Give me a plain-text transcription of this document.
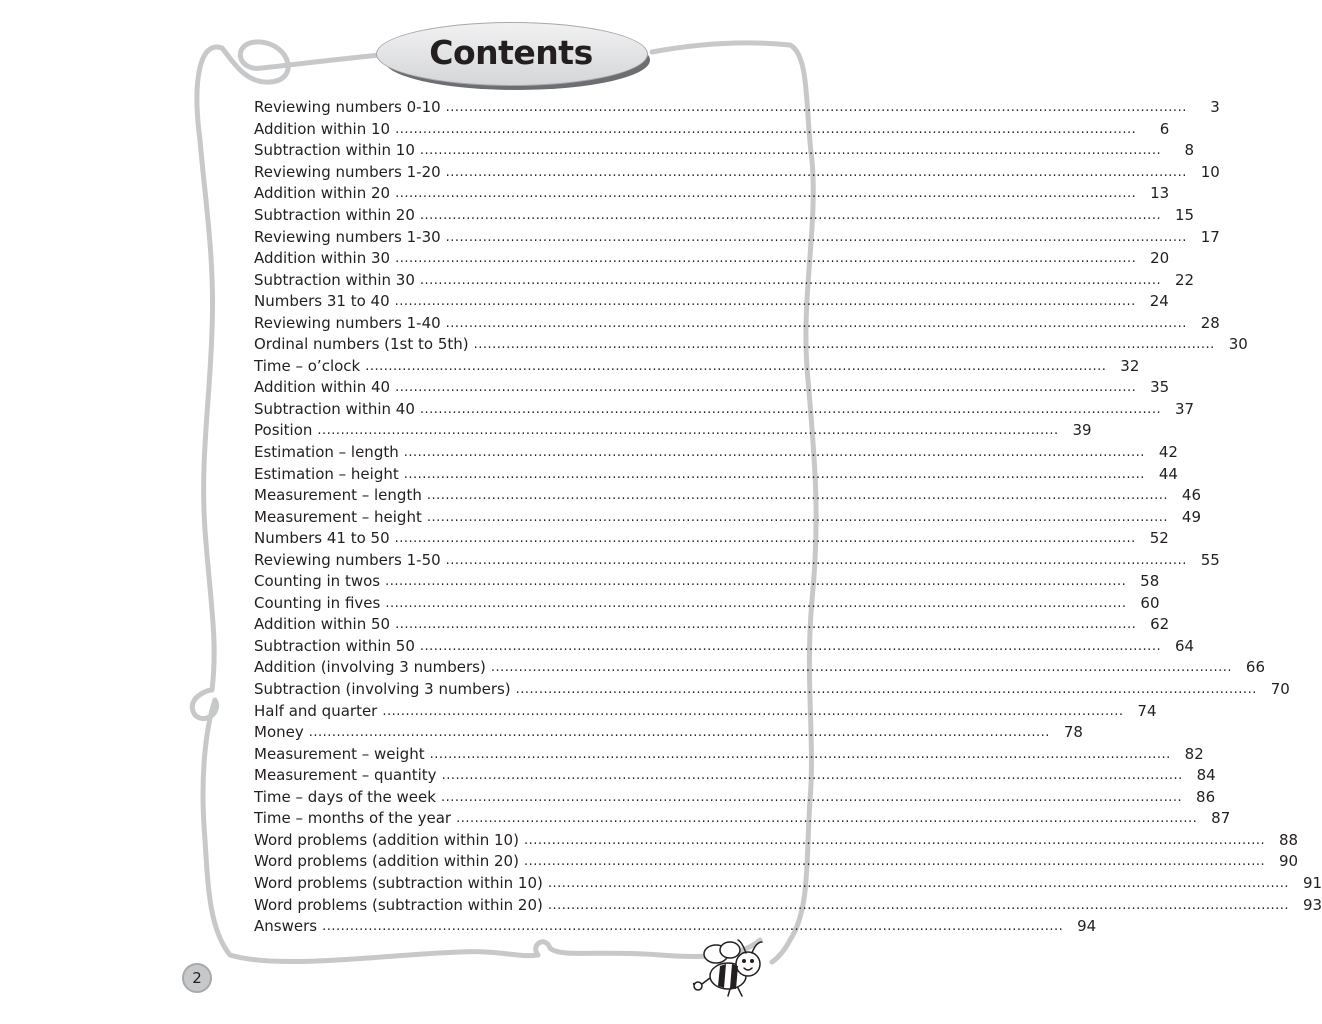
Contents
Reviewing numbers 0-10 ................................................................................................................................................................	3
Addition within 10 ................................................................................................................................................................	6
Subtraction within 10 ................................................................................................................................................................	8
Reviewing numbers 1-20 ................................................................................................................................................................ 10
Addition within 20 ................................................................................................................................................................ 13
Subtraction within 20 ................................................................................................................................................................ 15
Reviewing numbers 1-30 ................................................................................................................................................................ 17
Addition within 30 ................................................................................................................................................................ 20
Subtraction within 30 ................................................................................................................................................................ 22
Numbers 31 to 40 ................................................................................................................................................................ 24
Reviewing numbers 1-40 ................................................................................................................................................................ 28
Ordinal numbers (1st to 5th) ................................................................................................................................................................ 30
Time – o’clock ................................................................................................................................................................ 32
Addition within 40 ................................................................................................................................................................ 35
Subtraction within 40 ................................................................................................................................................................ 37
Position ................................................................................................................................................................ 39
Estimation – length ................................................................................................................................................................ 42
Estimation – height ................................................................................................................................................................ 44
Measurement – length ................................................................................................................................................................ 46
Measurement – height ................................................................................................................................................................ 49
Numbers 41 to 50 ................................................................................................................................................................ 52
Reviewing numbers 1-50 ................................................................................................................................................................ 55
Counting in twos ................................................................................................................................................................ 58
Counting in fives ................................................................................................................................................................ 60
Addition within 50 ................................................................................................................................................................ 62
Subtraction within 50 ................................................................................................................................................................ 64
Addition (involving 3 numbers) ................................................................................................................................................................ 66
Subtraction (involving 3 numbers) ................................................................................................................................................................ 70
Half and quarter ................................................................................................................................................................ 74
Money ................................................................................................................................................................ 78
Measurement – weight ................................................................................................................................................................ 82
Measurement – quantity ................................................................................................................................................................ 84
Time – days of the week ................................................................................................................................................................ 86
Time – months of the year ................................................................................................................................................................ 87
Word problems (addition within 10) ................................................................................................................................................................ 88
Word problems (addition within 20) ................................................................................................................................................................ 90
Word problems (subtraction within 10) ................................................................................................................................................................ 91
Word problems (subtraction within 20) ................................................................................................................................................................ 93
Answers ................................................................................................................................................................ 94
2
